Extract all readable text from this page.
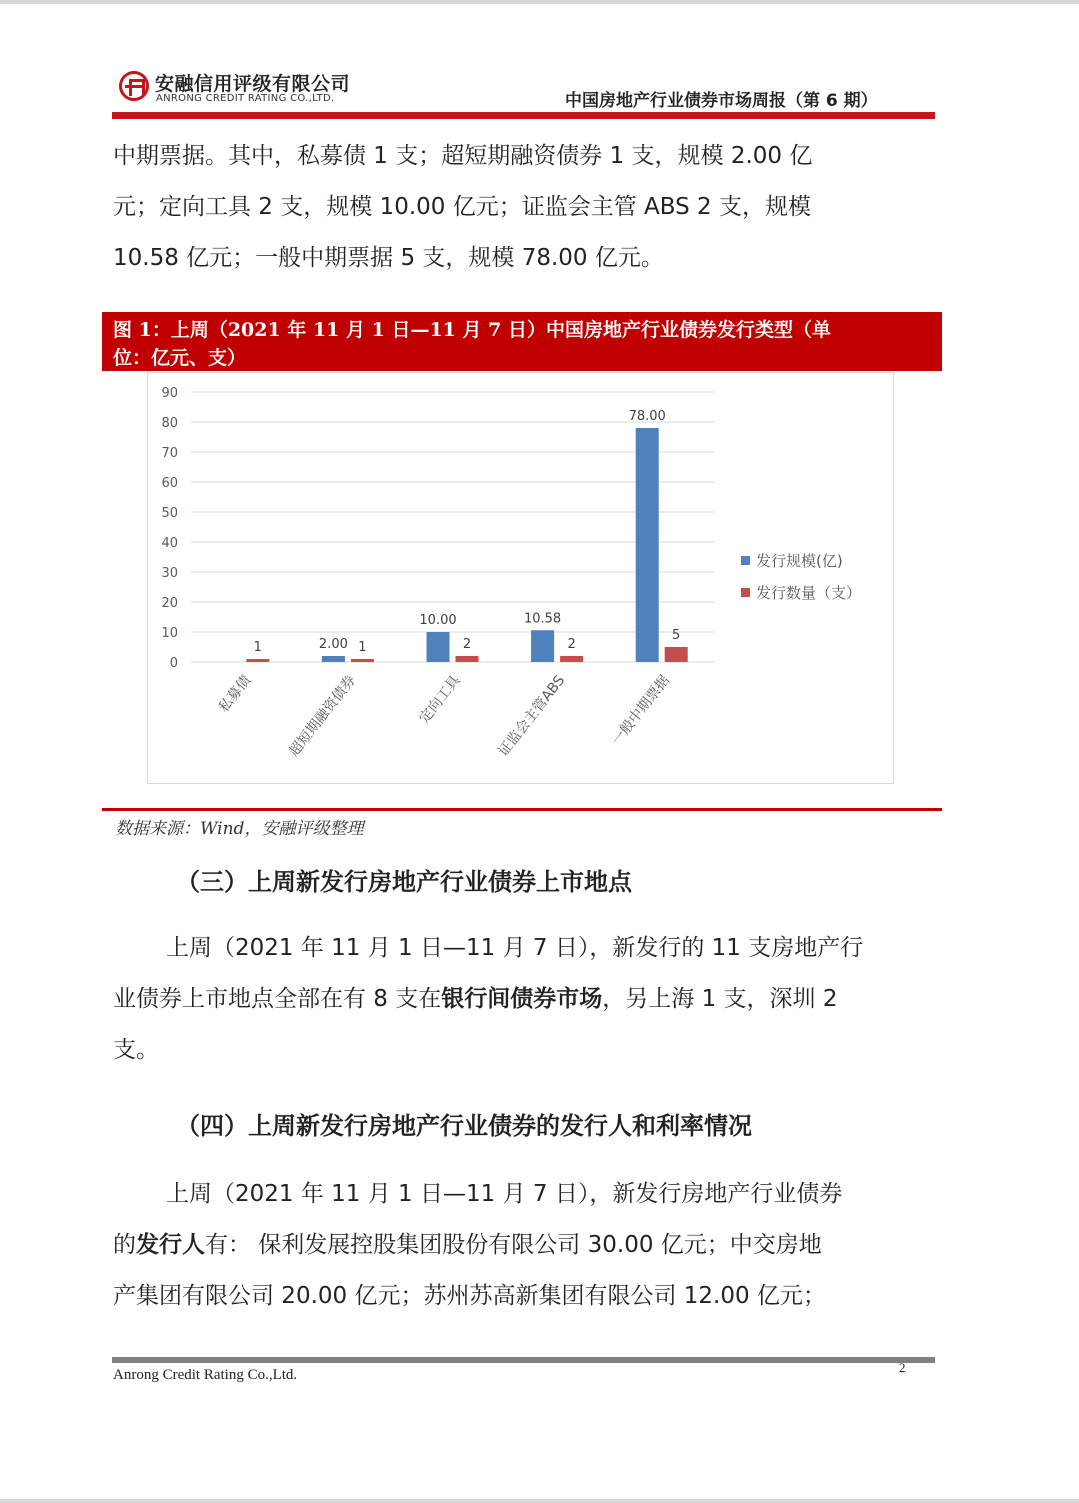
安融信用评级有限公司
ANRONG CREDIT RATING CO.,LTD.	中国房地产行业债券市场周报（第 6 期）
中期票据。其中，私募债 1 支；超短期融资债券 1 支，规模 2.00 亿
元；定向工具 2 支，规模 10.00 亿元；证监会主管 ABS 2 支，规模
10.58 亿元；一般中期票据 5 支，规模 78.00 亿元。
图 1：上周（2021 年 11 月 1 日—11 月 7 日）中国房地产行业债券发行类型（单
位：亿元、支）
0
10
20
30
40
50
60
70
80
90
1
私募债
2.00 1
超短期融资债券
10.00
2
定向工具
10.58
2
证监会主管ABS
78.00
5
一般中期票据
发行规模(亿)
发行数量（支）
数据来源：Wind，安融评级整理
（三）上周新发行房地产行业债券上市地点
上周（2021 年 11 月 1 日—11 月 7 日），新发行的 11 支房地产行
业债券上市地点全部在有 8 支在银行间债券市场，另上海 1 支，深圳 2
支。
（四）上周新发行房地产行业债券的发行人和利率情况
上周（2021 年 11 月 1 日—11 月 7 日），新发行房地产行业债券
的发行人有： 保利发展控股集团股份有限公司 30.00 亿元；中交房地
产集团有限公司 20.00 亿元；苏州苏高新集团有限公司 12.00 亿元；
Anrong Credit Rating Co.,Ltd.	2
